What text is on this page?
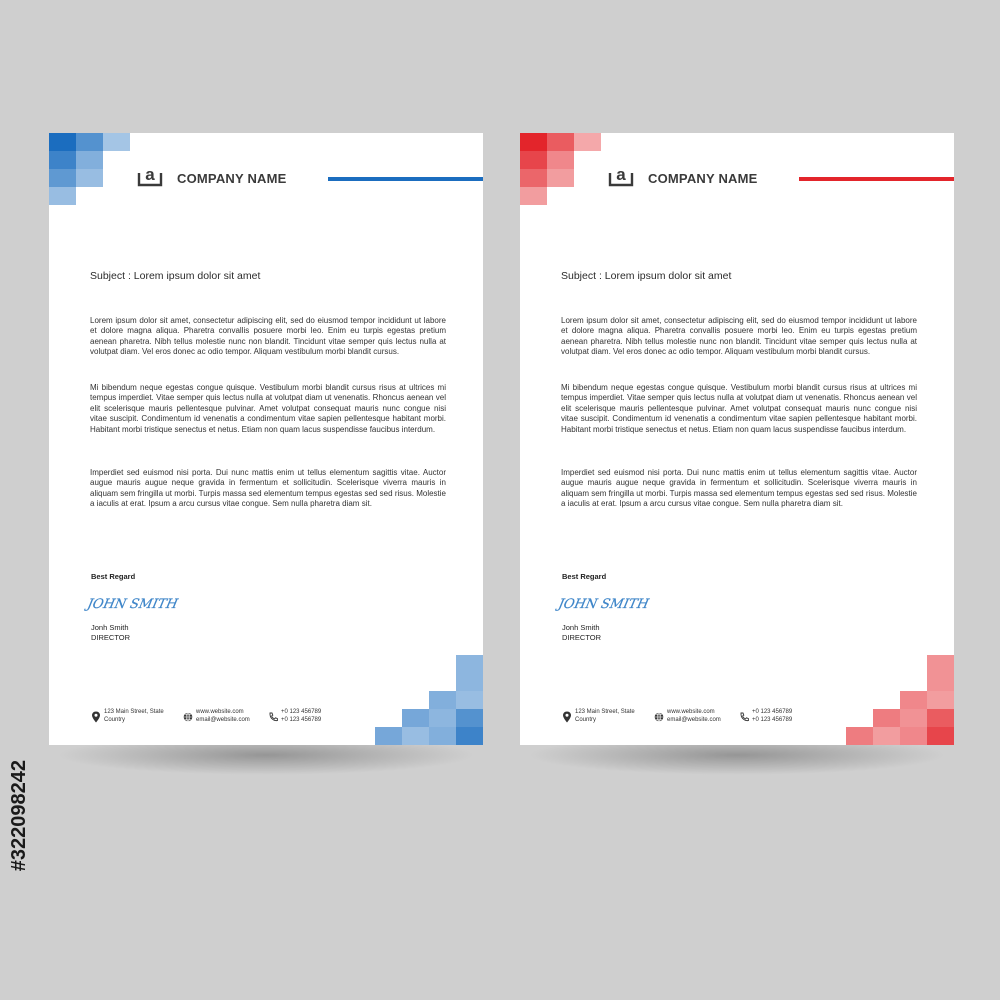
a COMPANY NAME
Subject : Lorem ipsum dolor sit amet
Lorem ipsum dolor sit amet, consectetur adipiscing elit, sed do eiusmod tempor incididunt ut labore et dolore magna aliqua. Pharetra convallis posuere morbi leo. Enim eu turpis egestas pretium aenean pharetra. Nibh tellus molestie nunc non blandit. Tincidunt vitae semper quis lectus nulla at volutpat diam. Vel eros donec ac odio tempor. Aliquam vestibulum morbi blandit cursus.
Mi bibendum neque egestas congue quisque. Vestibulum morbi blandit cursus risus at ultrices mi tempus imperdiet. Vitae semper quis lectus nulla at volutpat diam ut venenatis. Rhoncus aenean vel elit scelerisque mauris pellentesque pulvinar. Amet volutpat consequat mauris nunc congue nisi vitae suscipit. Condimentum id venenatis a condimentum vitae sapien pellentesque habitant morbi. Habitant morbi tristique senectus et netus. Etiam non quam lacus suspendisse faucibus interdum.
Imperdiet sed euismod nisi porta. Dui nunc mattis enim ut tellus elementum sagittis vitae. Auctor augue mauris augue neque gravida in fermentum et sollicitudin. Scelerisque viverra mauris in aliquam sem fringilla ut morbi. Turpis massa sed elementum tempus egestas sed sed risus. Molestie a iaculis at erat. Ipsum a arcu cursus vitae congue. Sem nulla pharetra diam sit.
Best Regard
JOHN SMITH
Jonh Smith
DIRECTOR
123 Main Street, State
Country
www.website.com
email@website.com
+0 123 456789
+0 123 456789
a COMPANY NAME
Subject : Lorem ipsum dolor sit amet
Lorem ipsum dolor sit amet, consectetur adipiscing elit, sed do eiusmod tempor incididunt ut labore et dolore magna aliqua. Pharetra convallis posuere morbi leo. Enim eu turpis egestas pretium aenean pharetra. Nibh tellus molestie nunc non blandit. Tincidunt vitae semper quis lectus nulla at volutpat diam. Vel eros donec ac odio tempor. Aliquam vestibulum morbi blandit cursus.
Mi bibendum neque egestas congue quisque. Vestibulum morbi blandit cursus risus at ultrices mi tempus imperdiet. Vitae semper quis lectus nulla at volutpat diam ut venenatis. Rhoncus aenean vel elit scelerisque mauris pellentesque pulvinar. Amet volutpat consequat mauris nunc congue nisi vitae suscipit. Condimentum id venenatis a condimentum vitae sapien pellentesque habitant morbi. Habitant morbi tristique senectus et netus. Etiam non quam lacus suspendisse faucibus interdum.
Imperdiet sed euismod nisi porta. Dui nunc mattis enim ut tellus elementum sagittis vitae. Auctor augue mauris augue neque gravida in fermentum et sollicitudin. Scelerisque viverra mauris in aliquam sem fringilla ut morbi. Turpis massa sed elementum tempus egestas sed sed risus. Molestie a iaculis at erat. Ipsum a arcu cursus vitae congue. Sem nulla pharetra diam sit.
Best Regard
JOHN SMITH
Jonh Smith
DIRECTOR
123 Main Street, State
Country
www.website.com
email@website.com
+0 123 456789
+0 123 456789
#322098242
